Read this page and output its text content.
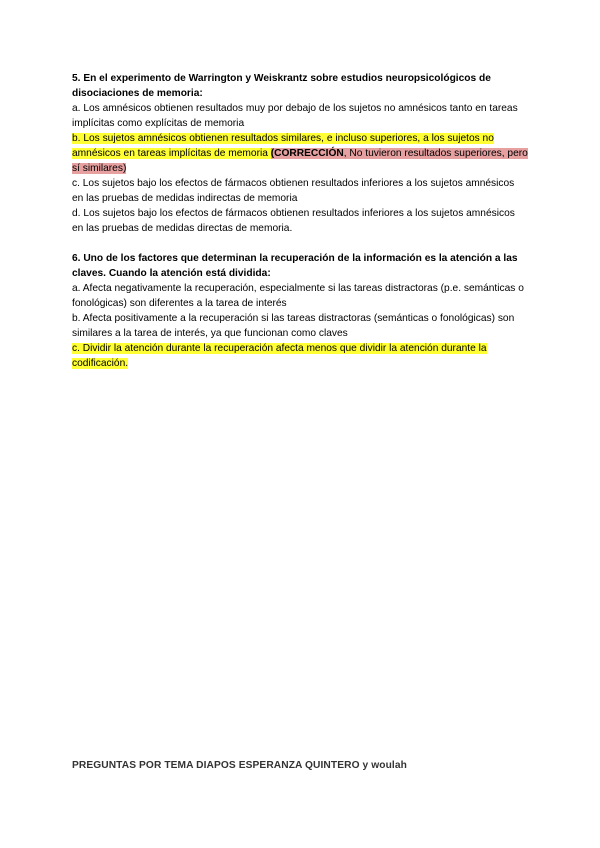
5. En el experimento de Warrington y Weiskrantz sobre estudios neuropsicológicos de disociaciones de memoria:

a. Los amnésicos obtienen resultados muy por debajo de los sujetos no amnésicos tanto en tareas implícitas como explícitas de memoria

b. Los sujetos amnésicos obtienen resultados similares, e incluso superiores, a los sujetos no amnésicos en tareas implícitas de memoria (CORRECCIÓN, No tuvieron resultados superiores, pero sí similares)

c. Los sujetos bajo los efectos de fármacos obtienen resultados inferiores a los sujetos amnésicos en las pruebas de medidas indirectas de memoria

d. Los sujetos bajo los efectos de fármacos obtienen resultados inferiores a los sujetos amnésicos en las pruebas de medidas directas de memoria.

6. Uno de los factores que determinan la recuperación de la información es la atención a las claves. Cuando la atención está dividida:

a. Afecta negativamente la recuperación, especialmente si las tareas distractoras (p.e. semánticas o fonológicas) son diferentes a la tarea de interés

b. Afecta positivamente a la recuperación si las tareas distractoras (semánticas o fonológicas) son similares a la tarea de interés, ya que funcionan como claves

c. Dividir la atención durante la recuperación afecta menos que dividir la atención durante la codificación.

PREGUNTAS POR TEMA DIAPOS ESPERANZA QUINTERO y woulah
